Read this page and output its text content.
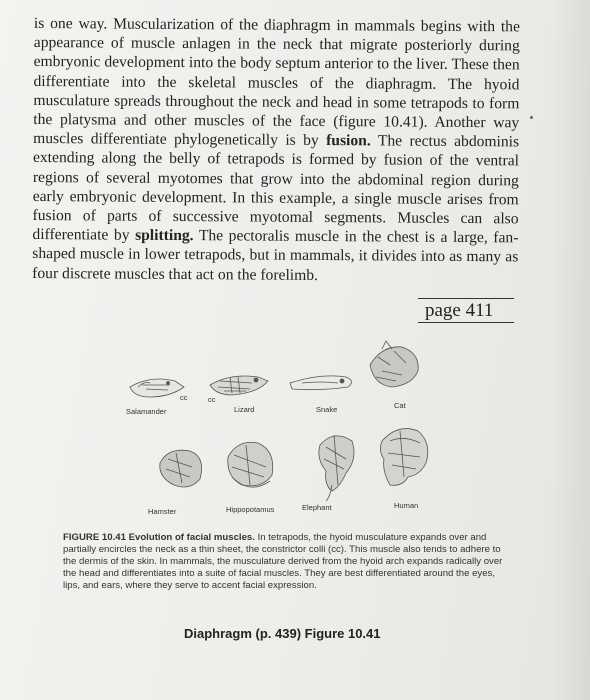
is one way. Muscularization of the diaphragm in mammals begins with the appearance of muscle anlagen in the neck that migrate posteriorly during embryonic development into the body septum anterior to the liver. These then differentiate into the skeletal muscles of the diaphragm. The hyoid musculature spreads throughout the neck and head in some tetrapods to form the platysma and other muscles of the face (figure 10.41). Another way muscles differentiate phylogenetically is by fusion. The rectus abdominis extending along the belly of tetrapods is formed by fusion of the ventral regions of several myotomes that grow into the abdominal region during early embryonic development. In this example, a single muscle arises from fusion of parts of successive myotomal segments. Muscles can also differentiate by splitting. The pectoralis muscle in the chest is a large, fan-shaped muscle in lower tetrapods, but in mammals, it divides into as many as four discrete muscles that act on the forelimb.

page 411
Salamander
cc	cc
Lizard	Snake	Cat
Hamster	Hippopotamus	Elephant	Human

FIGURE 10.41 Evolution of facial muscles. In tetrapods, the hyoid musculature expands over and partially encircles the neck as a thin sheet, the constrictor colli (cc). This muscle also tends to adhere to the dermis of the skin. In mammals, the musculature derived from the hyoid arch expands radically over the head and differentiates into a suite of facial muscles. They are best differentiated around the eyes, lips, and ears, where they serve to accent facial expression.

Diaphragm (p. 439) Figure 10.41
